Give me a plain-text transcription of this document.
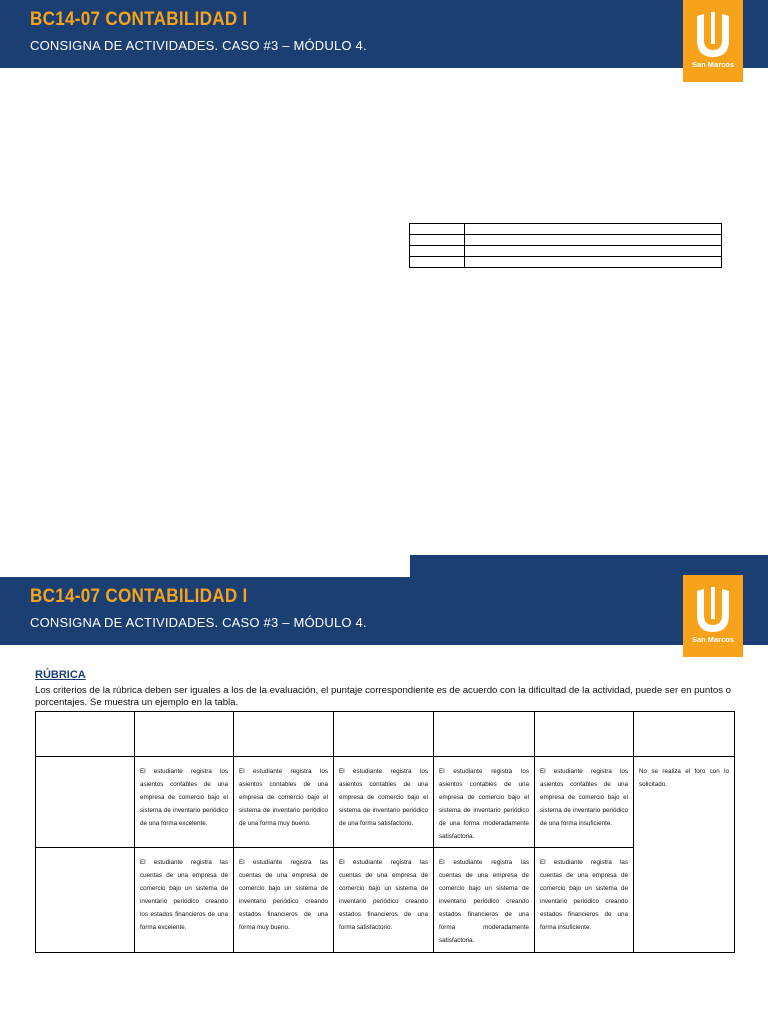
BC14-07 CONTABILIDAD I
CONSIGNA DE ACTIVIDADES. CASO #3 – MÓDULO 4.
San Marcos

BC14-07 CONTABILIDAD I
CONSIGNA DE ACTIVIDADES. CASO #3 – MÓDULO 4.
San Marcos
RÚBRICA
Los criterios de la rúbrica deben ser iguales a los de la evaluación, el puntaje correspondiente es de acuerdo con la dificultad de la actividad, puede ser en puntos o porcentajes. Se muestra un ejemplo en la tabla.

	El estudiante registra los asientos contables de una empresa de comercio bajo el sistema de inventario periódico de una forma excelente.	El estudiante registra los asientos contables de una empresa de comercio bajo el sistema de inventario periódico de una forma muy bueno.	El estudiante registra los asientos contables de una empresa de comercio bajo el sistema de inventario periódico de una forma satisfactorio.	El estudiante registra los asientos contables de una empresa de comercio bajo el sistema de inventario periódico de una forma moderadamente satisfactoria.	El estudiante registra los asientos contables de una empresa de comercio bajo el sistema de inventario periódico de una forma insuficiente.	No se realiza el foro con lo solicitado.
	El estudiante registra las cuentas de una empresa de comercio bajo un sistema de inventario periódico creando los estados financieros de una forma excelente.	El estudiante registra las cuentas de una empresa de comercio bajo un sistema de inventario periódico creando estados financieros de una forma muy bueno.	El estudiante registra las cuentas de una empresa de comercio bajo un sistema de inventario periódico creando estados financieros de una forma satisfactorio.	El estudiante registra las cuentas de una empresa de comercio bajo un sistema de inventario periódico creando estados financieros de una forma moderadamente satisfactoria.	El estudiante registra las cuentas de una empresa de comercio bajo un sistema de inventario periódico creando estados financieros de una forma insuficiente.	
